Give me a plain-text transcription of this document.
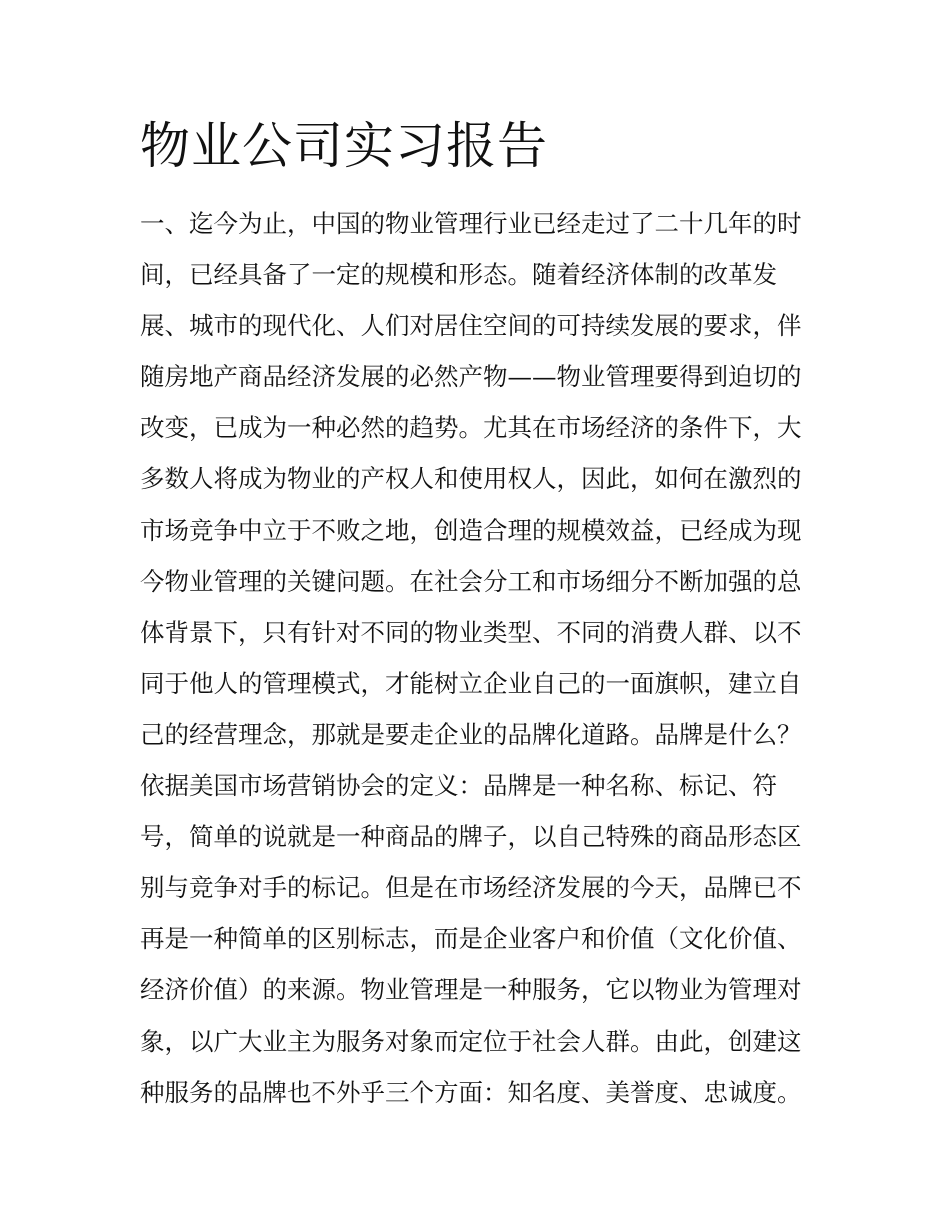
物业公司实习报告
一、迄今为止，中国的物业管理行业已经走过了二十几年的时
间，已经具备了一定的规模和形态。随着经济体制的改革发
展、城市的现代化、人们对居住空间的可持续发展的要求，伴
随房地产商品经济发展的必然产物——物业管理要得到迫切的
改变，已成为一种必然的趋势。尤其在市场经济的条件下，大
多数人将成为物业的产权人和使用权人，因此，如何在激烈的
市场竞争中立于不败之地，创造合理的规模效益，已经成为现
今物业管理的关键问题。在社会分工和市场细分不断加强的总
体背景下，只有针对不同的物业类型、不同的消费人群、以不
同于他人的管理模式，才能树立企业自己的一面旗帜，建立自
己的经营理念，那就是要走企业的品牌化道路。品牌是什么？
依据美国市场营销协会的定义：品牌是一种名称、标记、符
号，简单的说就是一种商品的牌子，以自己特殊的商品形态区
别与竞争对手的标记。但是在市场经济发展的今天，品牌已不
再是一种简单的区别标志，而是企业客户和价值（文化价值、
经济价值）的来源。物业管理是一种服务，它以物业为管理对
象，以广大业主为服务对象而定位于社会人群。由此，创建这
种服务的品牌也不外乎三个方面：知名度、美誉度、忠诚度。
